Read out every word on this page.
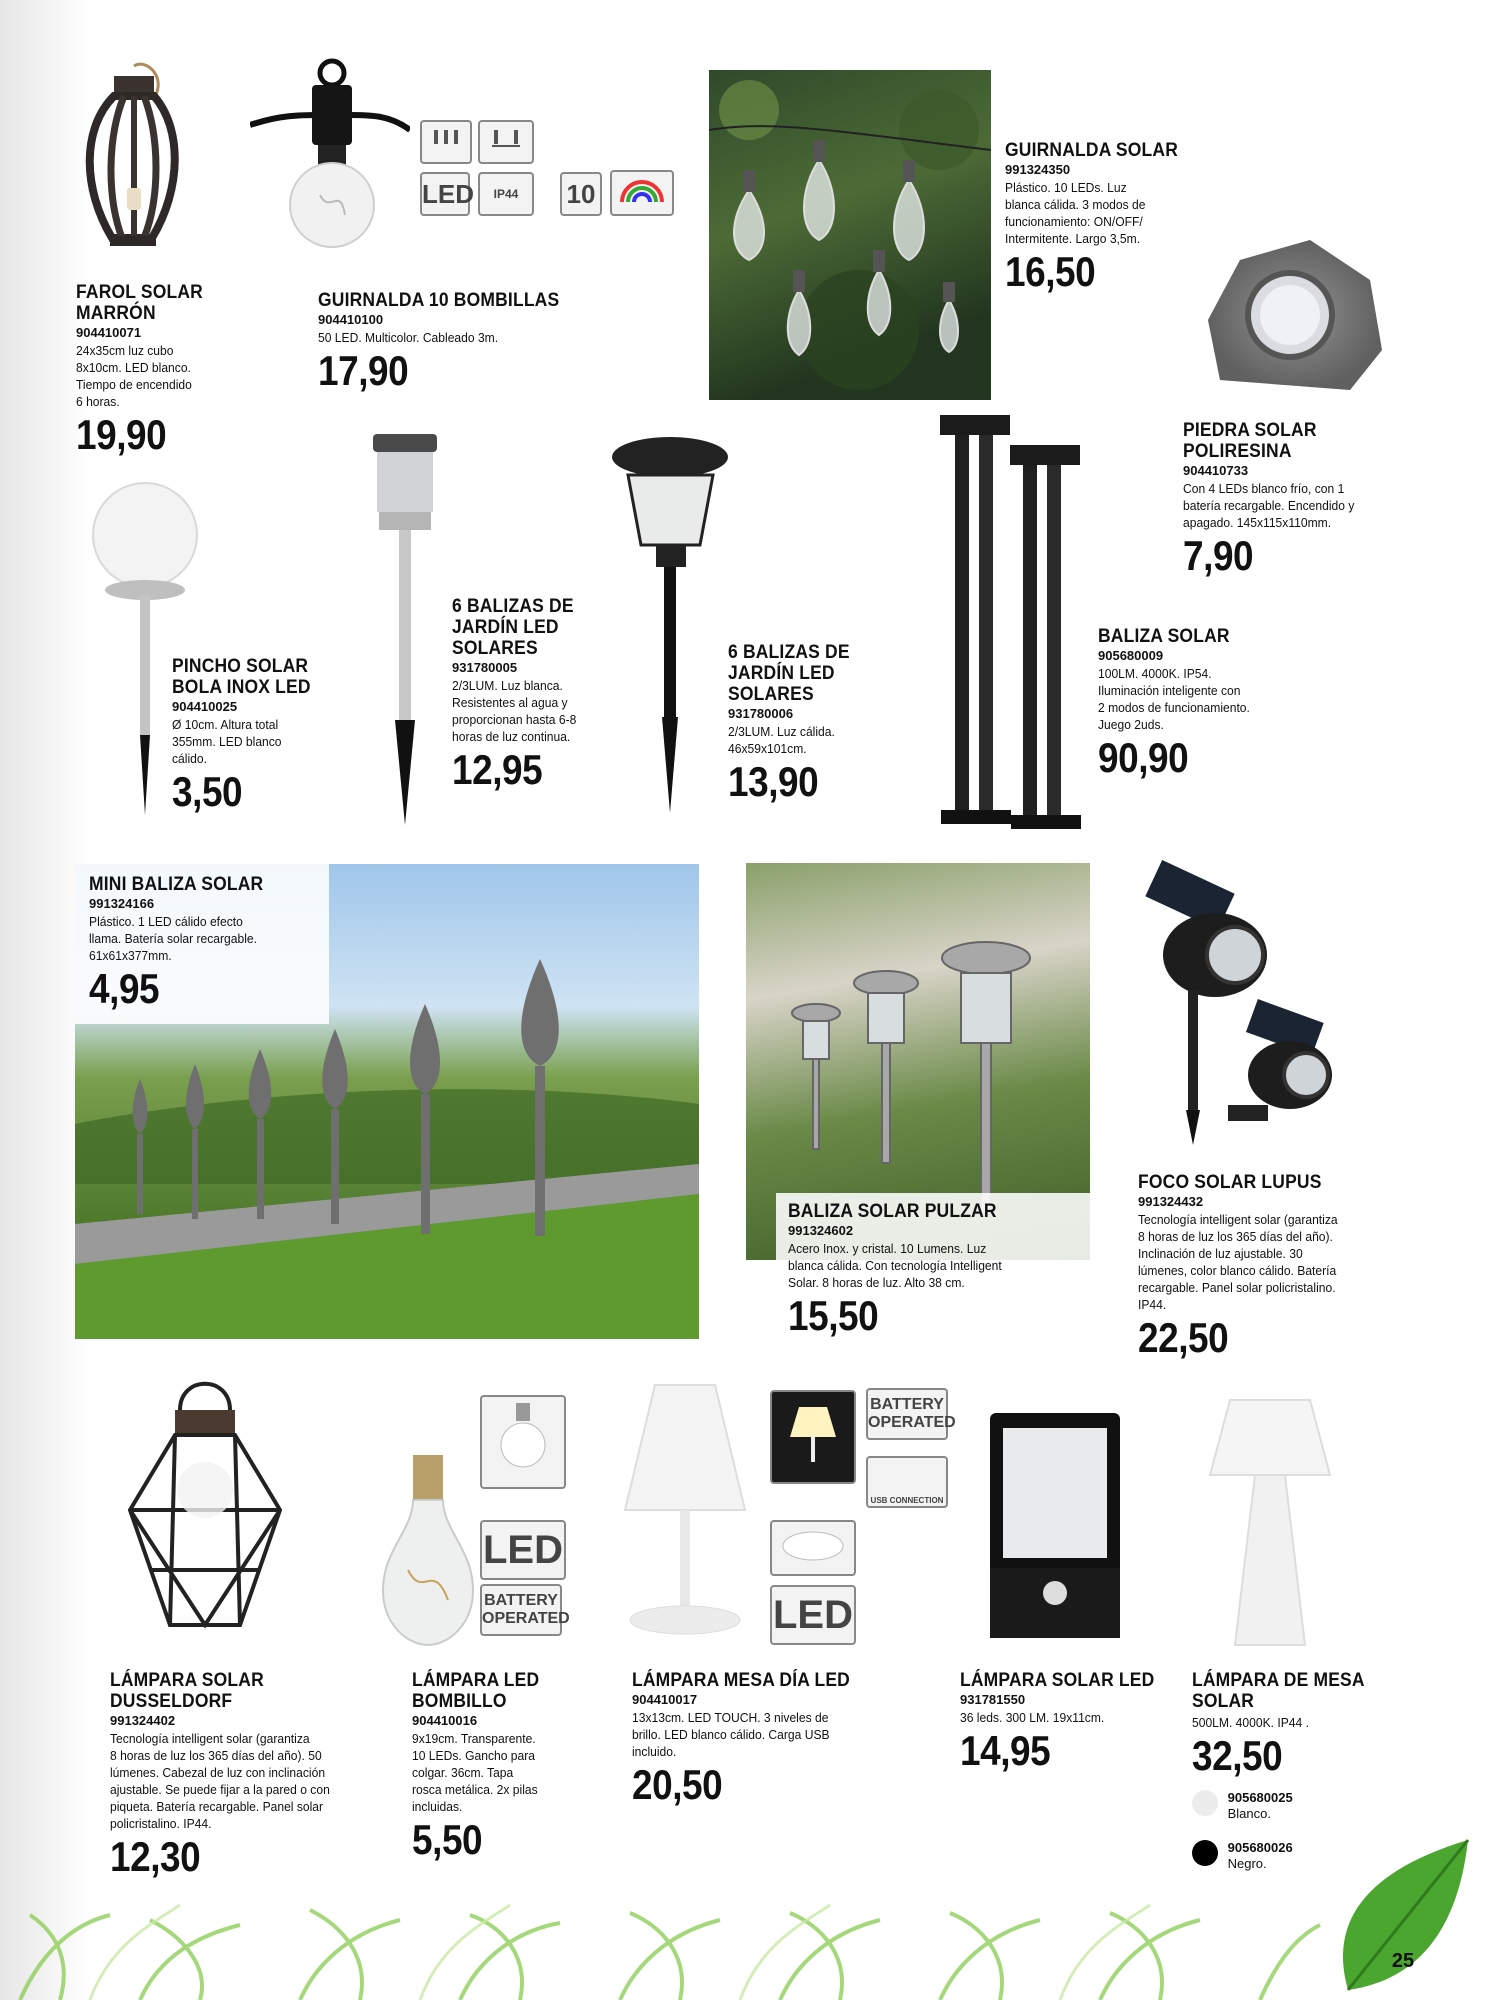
FAROL SOLAR
MARRÓN
904410071
24x35cm luz cubo
8x10cm. LED blanco.
Tiempo de encendido
6 horas.
19,90
LED	IP44	10
GUIRNALDA 10 BOMBILLAS
904410100
50 LED. Multicolor. Cableado 3m.
17,90
GUIRNALDA SOLAR
991324350
Plástico. 10 LEDs. Luz
blanca cálida. 3 modos de
funcionamiento: ON/OFF/
Intermitente. Largo 3,5m.
16,50
PIEDRA SOLAR
POLIRESINA
904410733
Con 4 LEDs blanco frío, con 1
batería recargable. Encendido y
apagado. 145x115x110mm.
7,90
PINCHO SOLAR
BOLA INOX LED
904410025
Ø 10cm. Altura total
355mm. LED blanco
cálido.
3,50
6 BALIZAS DE
JARDÍN LED
SOLARES
931780005
2/3LUM. Luz blanca.
Resistentes al agua y
proporcionan hasta 6-8
horas de luz continua.
12,95
6 BALIZAS DE
JARDÍN LED
SOLARES
931780006
2/3LUM. Luz cálida.
46x59x101cm.
13,90
BALIZA SOLAR
905680009
100LM. 4000K. IP54.
Iluminación inteligente con
2 modos de funcionamiento.
Juego 2uds.
90,90
MINI BALIZA SOLAR
991324166
Plástico. 1 LED cálido efecto
llama. Batería solar recargable.
61x61x377mm.
4,95
BALIZA SOLAR PULZAR
991324602
Acero Inox. y cristal. 10 Lumens. Luz
blanca cálida. Con tecnología Intelligent
Solar. 8 horas de luz. Alto 38 cm.
15,50
FOCO SOLAR LUPUS
991324432
Tecnología intelligent solar (garantiza
8 horas de luz los 365 días del año).
Inclinación de luz ajustable. 30
lúmenes, color blanco cálido. Batería
recargable. Panel solar policristalino.
IP44.
22,50
LÁMPARA SOLAR
DUSSELDORF
991324402
Tecnología intelligent solar (garantiza
8 horas de luz los 365 días del año). 50
lúmenes. Cabezal de luz con inclinación
ajustable. Se puede fijar a la pared o con
piqueta. Batería recargable. Panel solar
policristalino. IP44.
12,30
LED
BATTERY
OPERATED
LÁMPARA LED
BOMBILLO
904410016
9x19cm. Transparente.
10 LEDs. Gancho para
colgar. 36cm. Tapa
rosca metálica. 2x pilas
incluidas.
5,50
BATTERY
OPERATED
USB CONNECTION
LED
LÁMPARA MESA DÍA LED
904410017
13x13cm. LED TOUCH. 3 niveles de
brillo. LED blanco cálido. Carga USB
incluido.
20,50
LÁMPARA SOLAR LED
931781550
36 leds. 300 LM. 19x11cm.
14,95
LÁMPARA DE MESA
SOLAR
500LM. 4000K. IP44 .
32,50

905680025
Blanco.

905680026
Negro.
25
